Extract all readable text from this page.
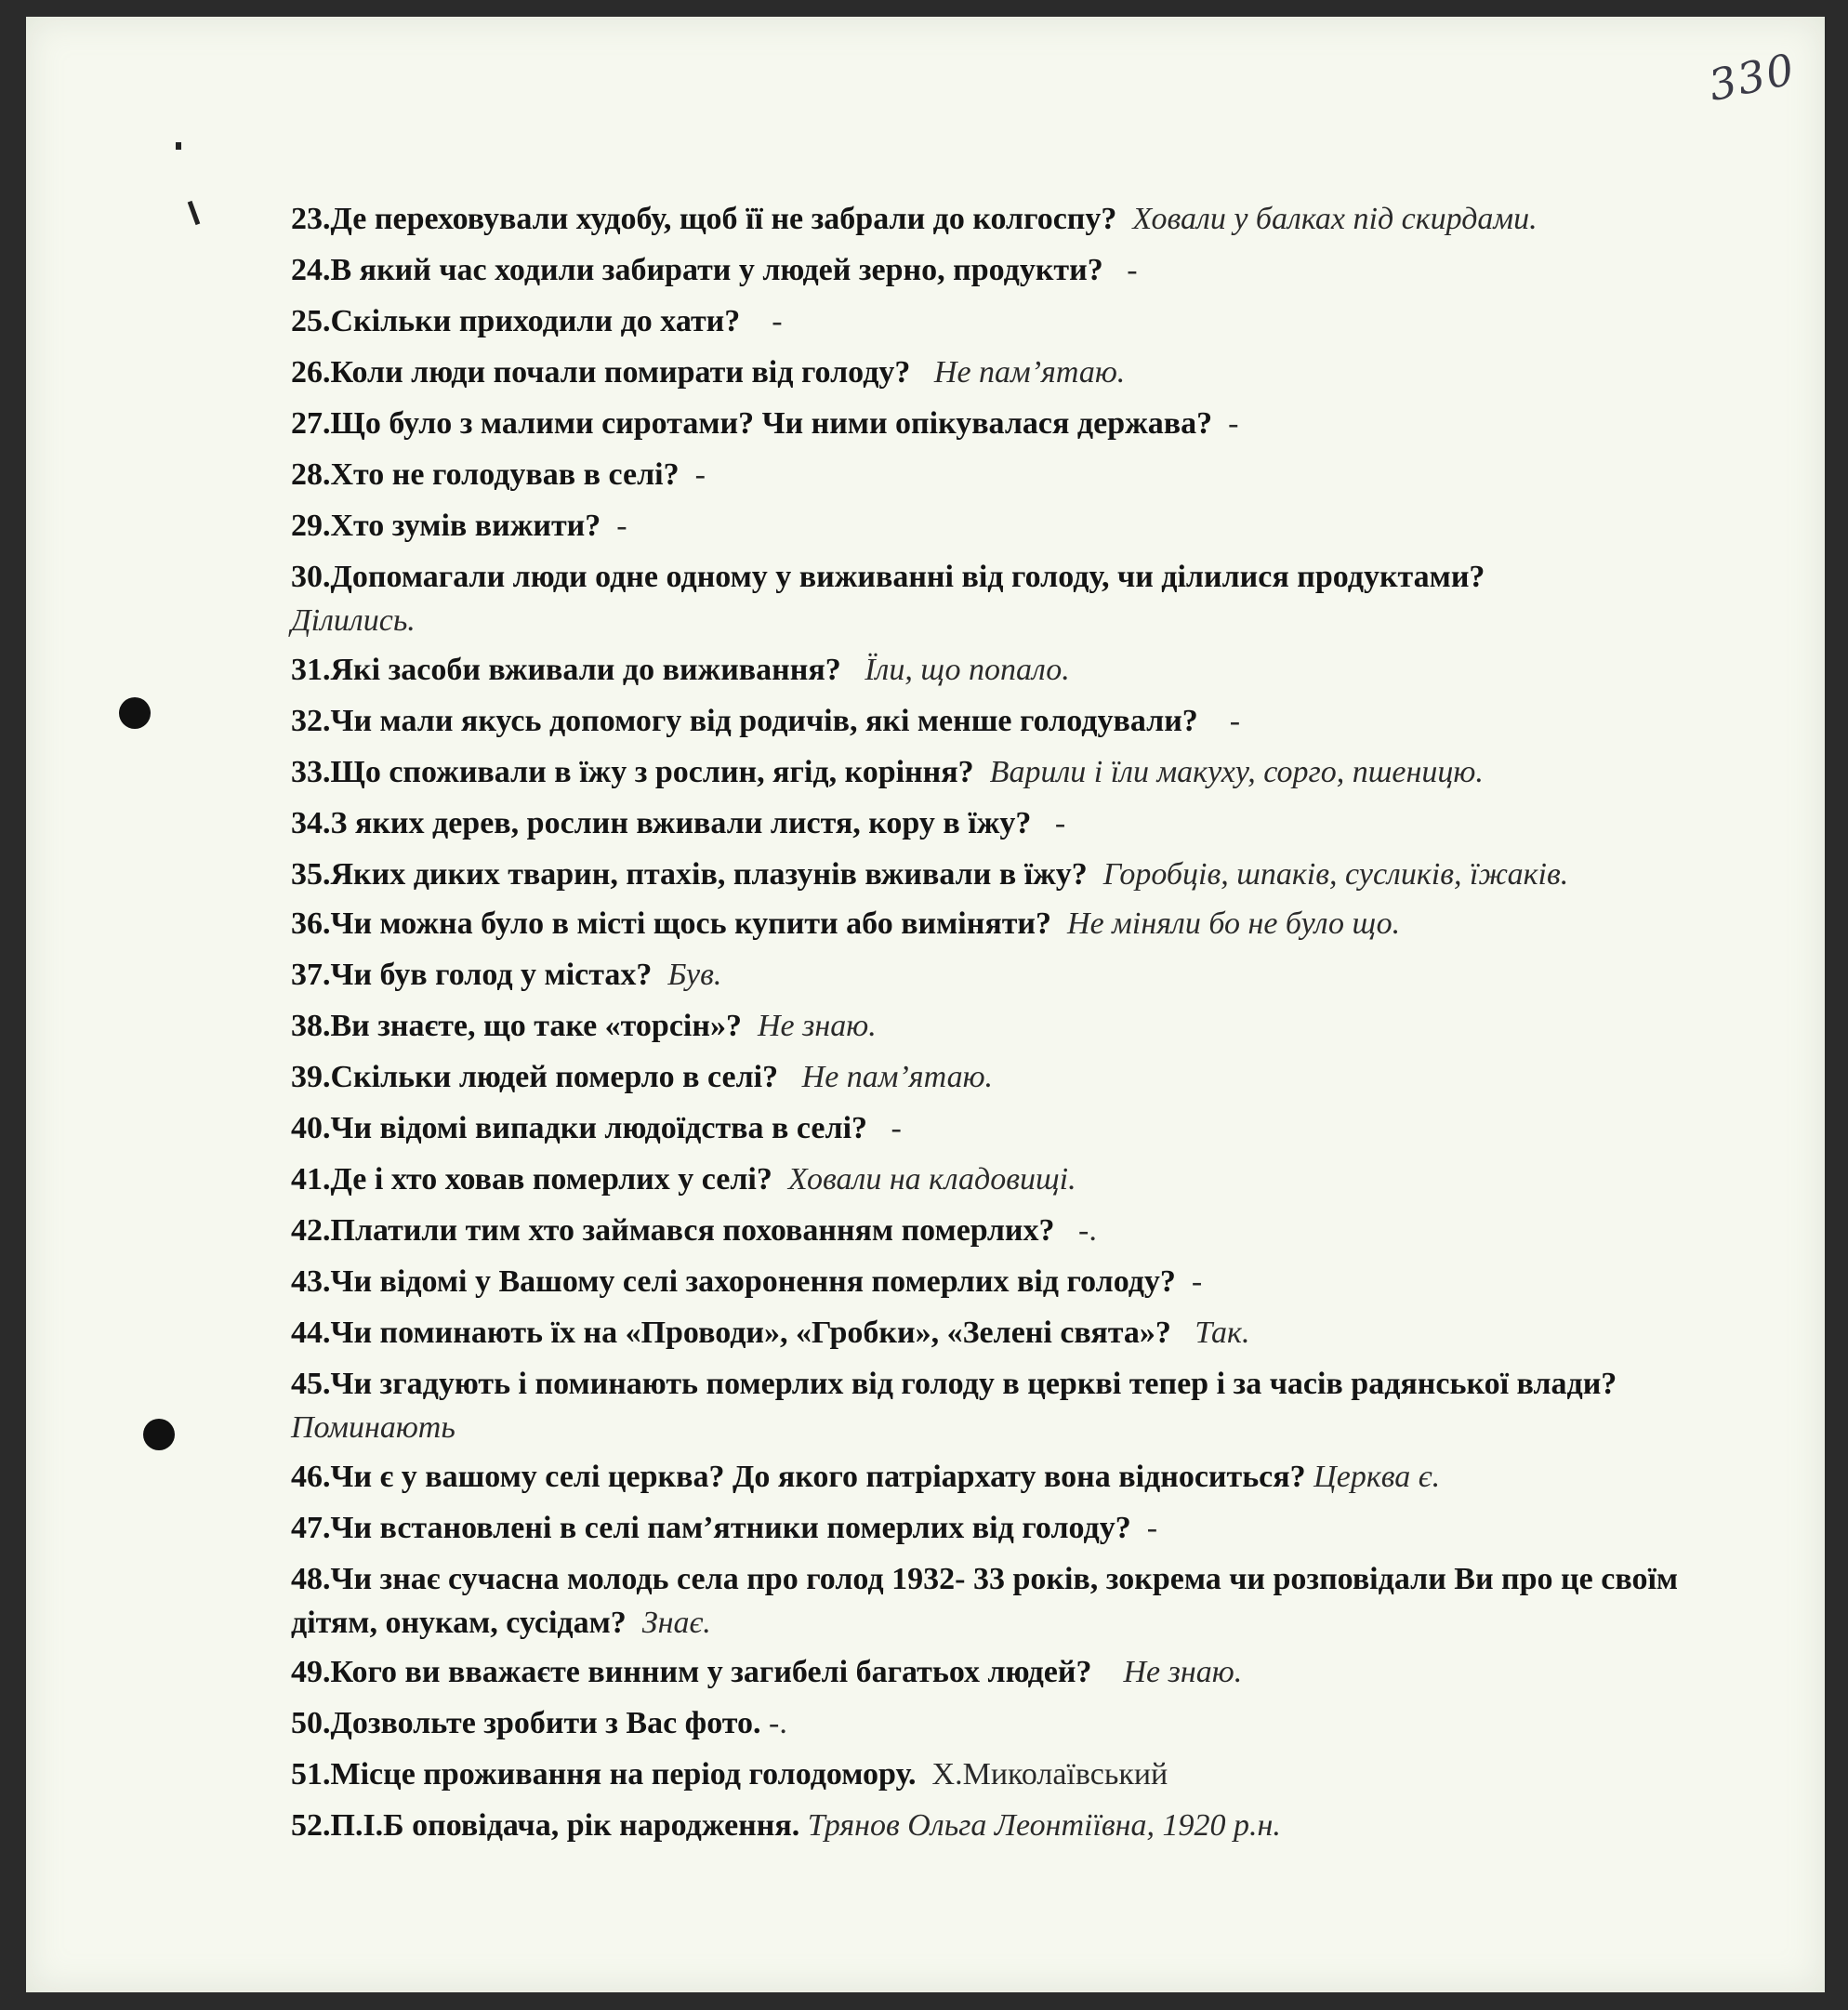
330
23.Де переховували худобу, щоб її не забрали до колгоспу? Ховали у балках під скирдами.
24.В який час ходили забирати у людей зерно, продукти? -
25.Скільки приходили до хати? -
26.Коли люди почали помирати від голоду? Не пам’ятаю.
27.Що було з малими сиротами? Чи ними опікувалася держава? -
28.Хто не голодував в селі? -
29.Хто зумів вижити? -
30.Допомагали люди одне одному у виживанні від голоду, чи ділилися продуктами?
Ділились.
31.Які засоби вживали до виживання? Їли, що попало.
32.Чи мали якусь допомогу від родичів, які менше голодували? -
33.Що споживали в їжу з рослин, ягід, коріння? Варили і їли макуху, сорго, пшеницю.
34.З яких дерев, рослин вживали листя, кору в їжу? -
35.Яких диких тварин, птахів, плазунів вживали в їжу? Горобців, шпаків, сусликів, їжаків.
36.Чи можна було в місті щось купити або виміняти? Не міняли бо не було що.
37.Чи був голод у містах? Був.
38.Ви знаєте, що таке «торсін»? Не знаю.
39.Скільки людей померло в селі? Не пам’ятаю.
40.Чи відомі випадки людоїдства в селі? -
41.Де і хто ховав померлих у селі? Ховали на кладовищі.
42.Платили тим хто займався похованням померлих? -.
43.Чи відомі у Вашому селі захоронення померлих від голоду? -
44.Чи поминають їх на «Проводи», «Гробки», «Зелені свята»? Так.
45.Чи згадують і поминають померлих від голоду в церкві тепер і за часів радянської влади?  Поминають
46.Чи є у вашому селі церква? До якого патріархату вона відноситься? Церква є.
47.Чи встановлені в селі пам’ятники померлих від голоду? -
48.Чи знає сучасна молодь села про голод 1932- 33 років, зокрема чи розповідали Ви про це своїм дітям, онукам, сусідам? Знає.
49.Кого ви вважаєте винним у загибелі багатьох людей? Не знаю.
50.Дозвольте зробити з Вас фото. -.
51.Місце проживання на період голодомору. Х.Миколаївський
52.П.І.Б оповідача, рік народження. Трянов Ольга Леонтіївна, 1920 р.н.
